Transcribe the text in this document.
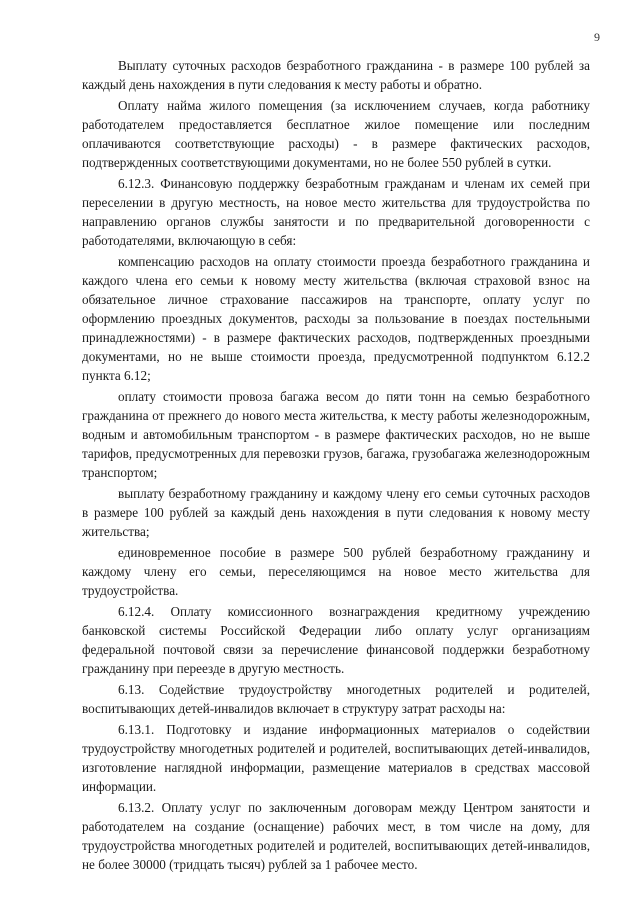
9

Выплату суточных расходов безработного гражданина - в размере 100 рублей за каждый день нахождения в пути следования к месту работы и обратно.

Оплату найма жилого помещения (за исключением случаев, когда работнику работодателем предоставляется бесплатное жилое помещение или последним оплачиваются соответствующие расходы) - в размере фактических расходов, подтвержденных соответствующими документами, но не более 550 рублей в сутки.

6.12.3. Финансовую поддержку безработным гражданам и членам их семей при переселении в другую местность, на новое место жительства для трудоустройства по направлению органов службы занятости и по предварительной договоренности с работодателями, включающую в себя:

компенсацию расходов на оплату стоимости проезда безработного гражданина и каждого члена его семьи к новому месту жительства (включая страховой взнос на обязательное личное страхование пассажиров на транспорте, оплату услуг по оформлению проездных документов, расходы за пользование в поездах постельными принадлежностями) - в размере фактических расходов, подтвержденных проездными документами, но не выше стоимости проезда, предусмотренной подпунктом 6.12.2 пункта 6.12;

оплату стоимости провоза багажа весом до пяти тонн на семью безработного гражданина от прежнего до нового места жительства, к месту работы железнодорожным, водным и автомобильным транспортом - в размере фактических расходов, но не выше тарифов, предусмотренных для перевозки грузов, багажа, грузобагажа железнодорожным транспортом;

выплату безработному гражданину и каждому члену его семьи суточных расходов в размере 100 рублей за каждый день нахождения в пути следования к новому месту жительства;

единовременное пособие в размере 500 рублей безработному гражданину и каждому члену его семьи, переселяющимся на новое место жительства для трудоустройства.

6.12.4. Оплату комиссионного вознаграждения кредитному учреждению банковской системы Российской Федерации либо оплату услуг организациям федеральной почтовой связи за перечисление финансовой поддержки безработному гражданину при переезде в другую местность.

6.13. Содействие трудоустройству многодетных родителей и родителей, воспитывающих детей-инвалидов включает в структуру затрат расходы на:

6.13.1. Подготовку и издание информационных материалов о содействии трудоустройству многодетных родителей и родителей, воспитывающих детей-инвалидов, изготовление наглядной информации, размещение материалов в средствах массовой информации.

6.13.2. Оплату услуг по заключенным договорам между Центром занятости и работодателем на создание (оснащение) рабочих мест, в том числе на дому, для трудоустройства многодетных родителей и родителей, воспитывающих детей-инвалидов, не более 30000 (тридцать тысяч) рублей за 1 рабочее место.
